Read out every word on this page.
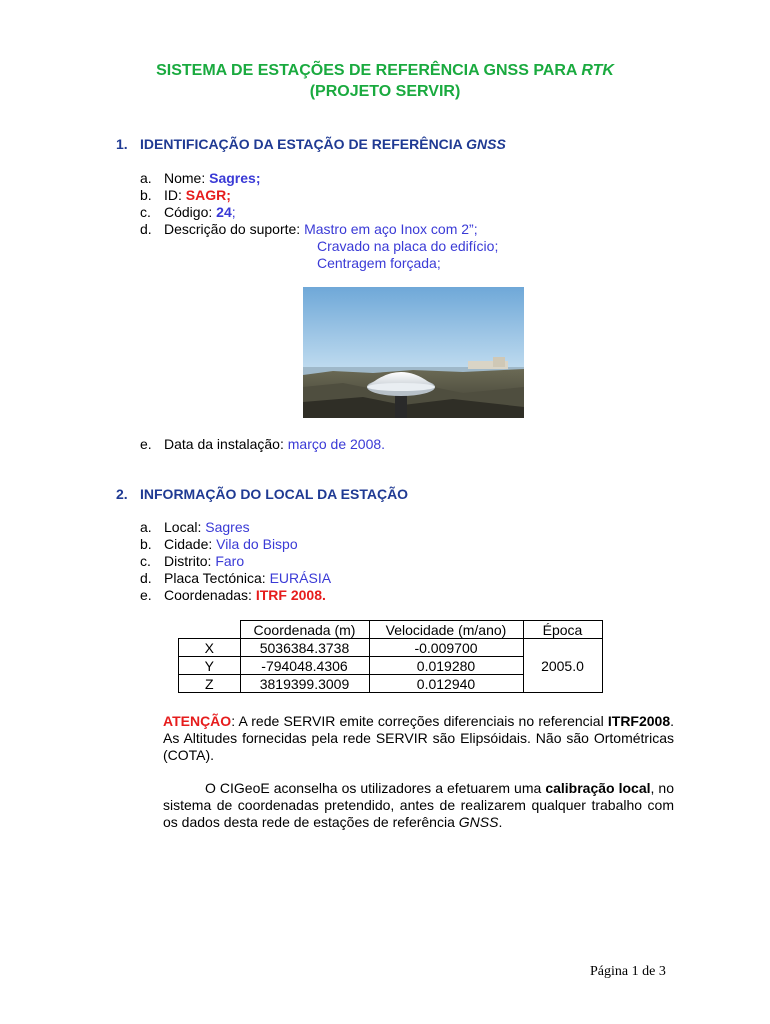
SISTEMA DE ESTAÇÕES DE REFERÊNCIA GNSS PARA RTK
(PROJETO SERVIR)
1. IDENTIFICAÇÃO DA ESTAÇÃO DE REFERÊNCIA GNSS
a. Nome:
Sagres;
b. ID:
SAGR;
c. Código:
24 ;
d. Descrição do suporte:
Mastro em aço Inox com 2”;
Cravado na placa do edifício;
Centragem forçada;
e. Data da instalação:
março de 2008.
2. INFORMAÇÃO DO LOCAL DA ESTAÇÃO
a. Local:
Sagres
b. Cidade:
Vila do Bispo
c. Distrito:
Faro
d. Placa Tectónica:
EURÁSIA
e. Coordenadas:
ITRF 2008.
	Coordenada (m)	Velocidade (m/ano)	Época
X	5036384.3738	-0.009700	2005.0
Y	-794048.4306	0.019280	
Z	3819399.3009	0.012940	
ATENÇÃO: A rede SERVIR emite correções diferenciais no referencial ITRF2008. As Altitudes fornecidas pela rede SERVIR são Elipsóidais. Não são Ortométricas (COTA).
O CIGeoE aconselha os utilizadores a efetuarem uma calibração local, no sistema de coordenadas pretendido, antes de realizarem qualquer trabalho com os dados desta rede de estações de referência GNSS.
Página 1 de 3
